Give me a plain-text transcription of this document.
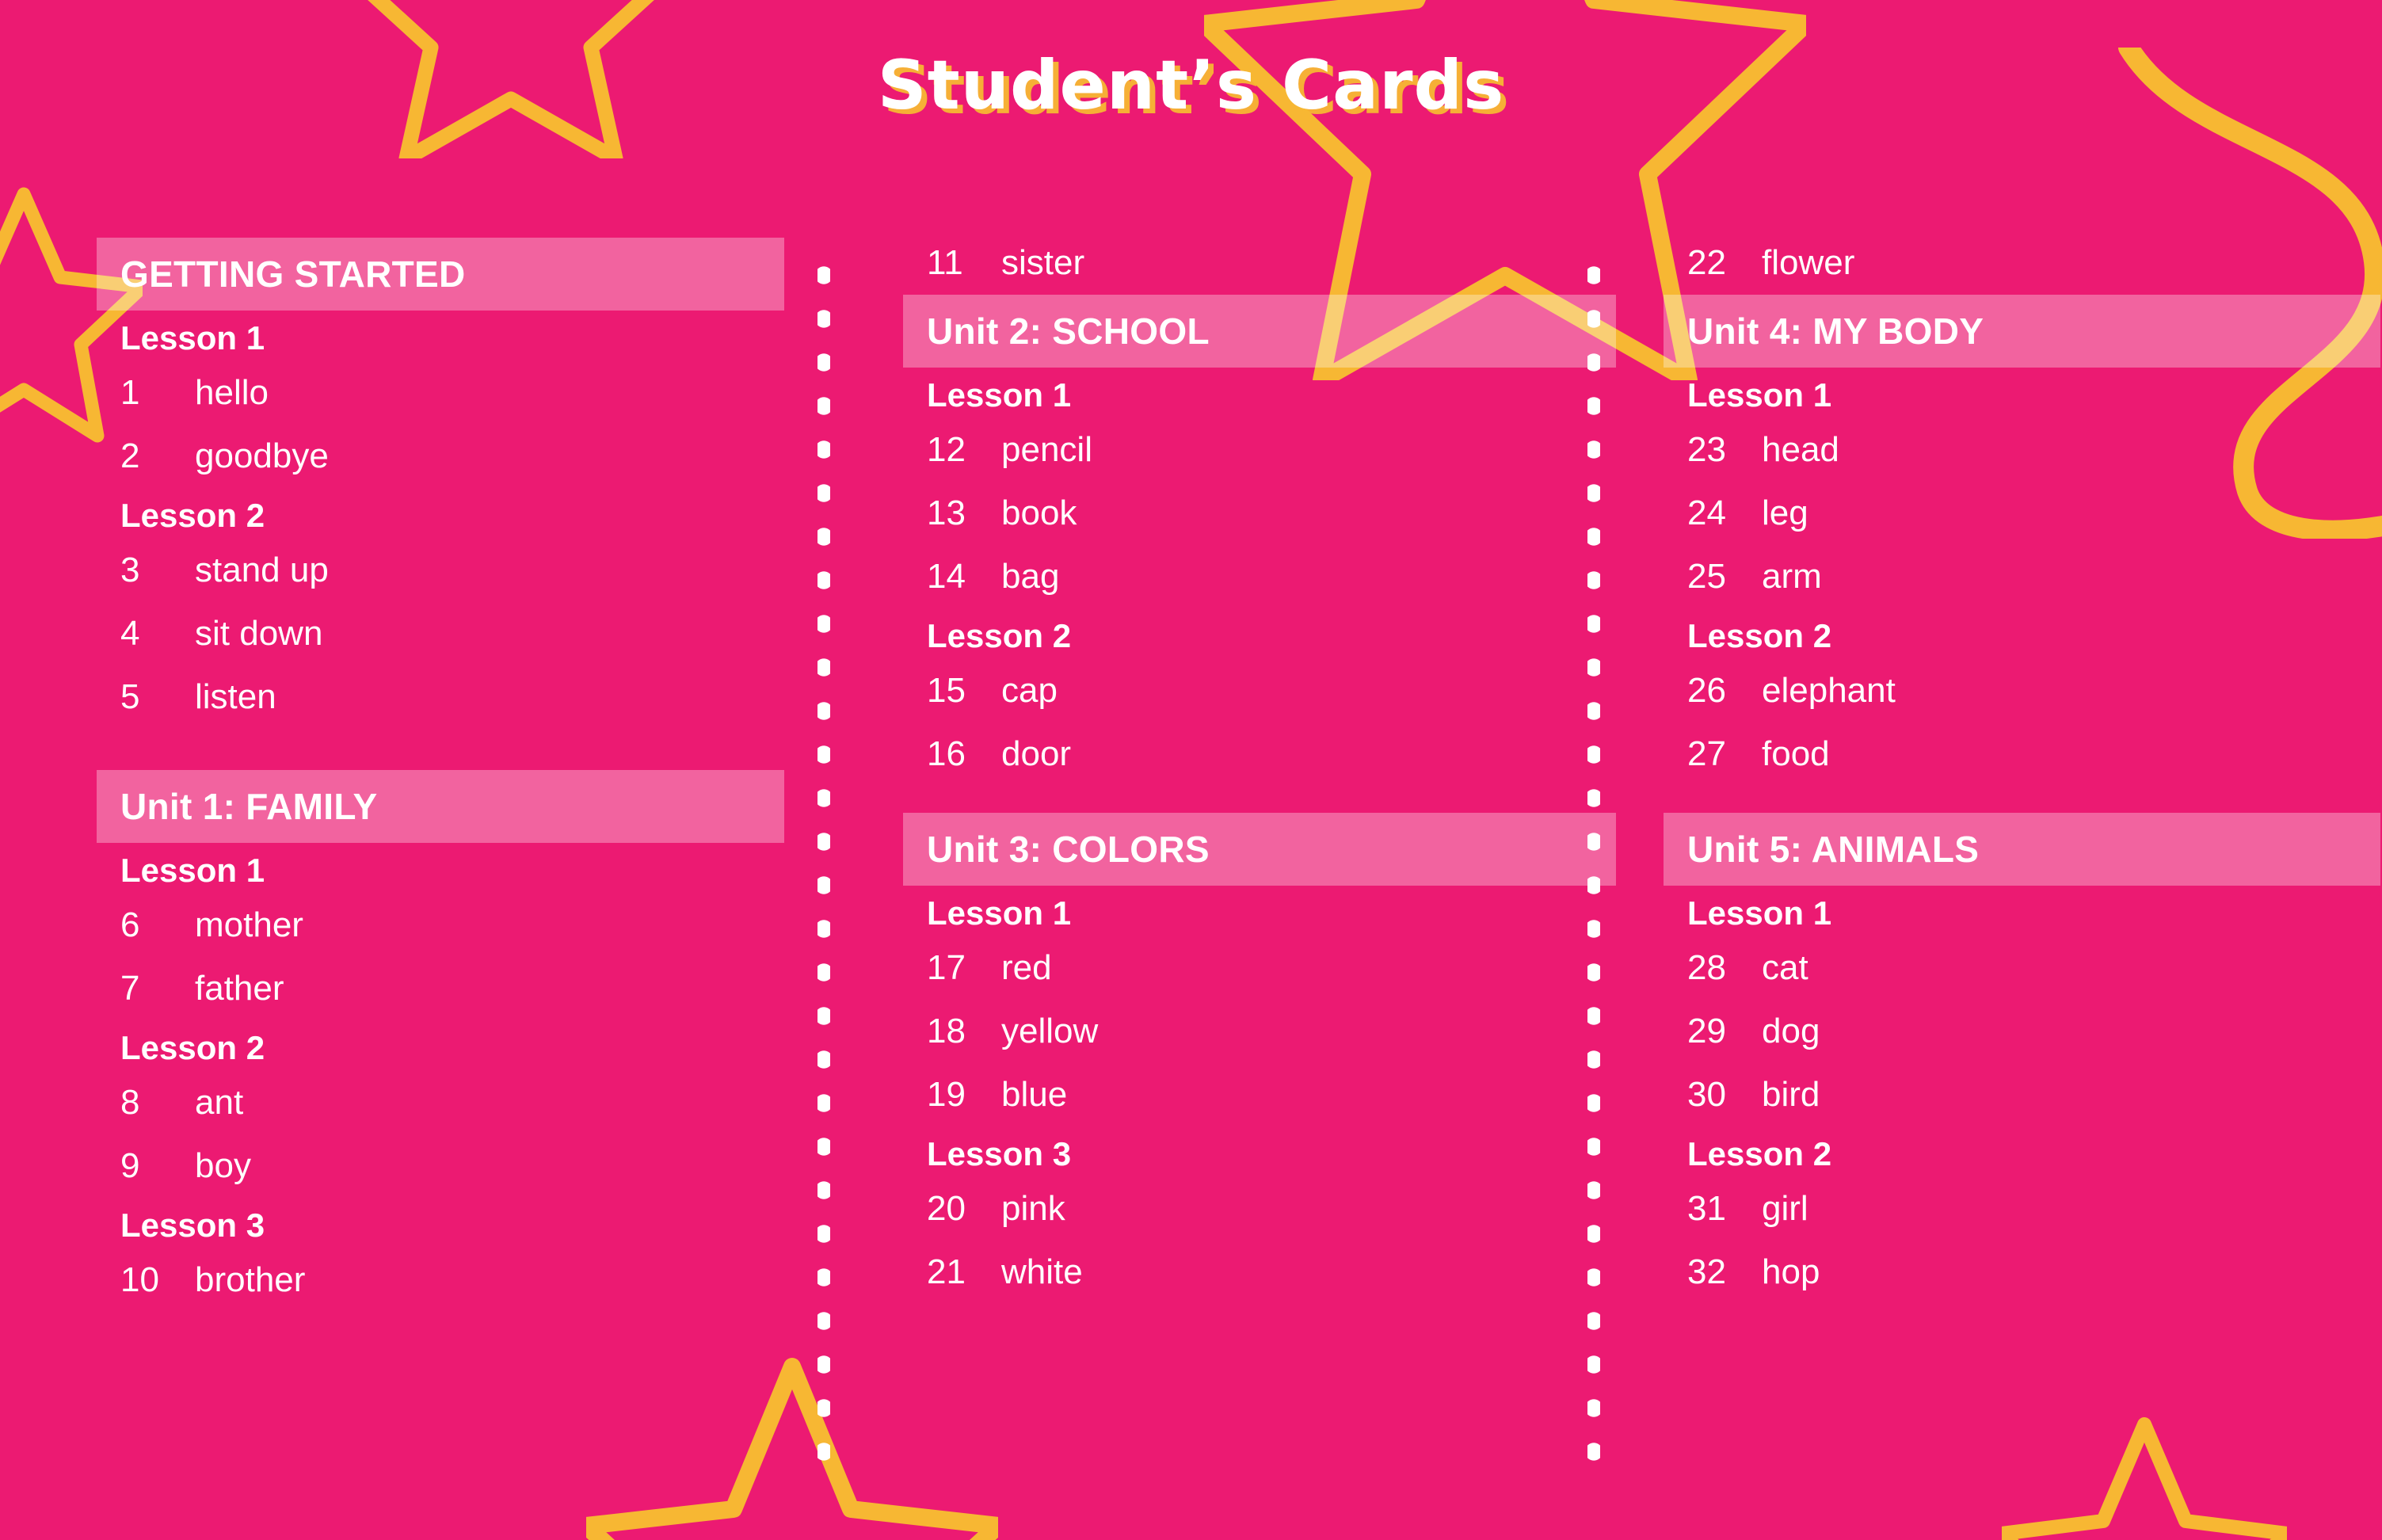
Student’s Cards
GETTING STARTED
Lesson 1
1	hello
2	goodbye
Lesson 2
3	stand up
4	sit down
5	listen
Unit 1: FAMILY
Lesson 1
6	mother
7	father
Lesson 2
8	ant
9	boy
Lesson 3
10	brother
11	sister
Unit 2: SCHOOL
Lesson 1
12	pencil
13	book
14	bag
Lesson 2
15	cap
16	door
Unit 3: COLORS
Lesson 1
17	red
18	yellow
19	blue
Lesson 3
20	pink
21	white
22	flower
Unit 4: MY BODY
Lesson 1
23	head
24	leg
25	arm
Lesson 2
26	elephant
27	food
Unit 5: ANIMALS
Lesson 1
28	cat
29	dog
30	bird
Lesson 2
31	girl
32	hop
